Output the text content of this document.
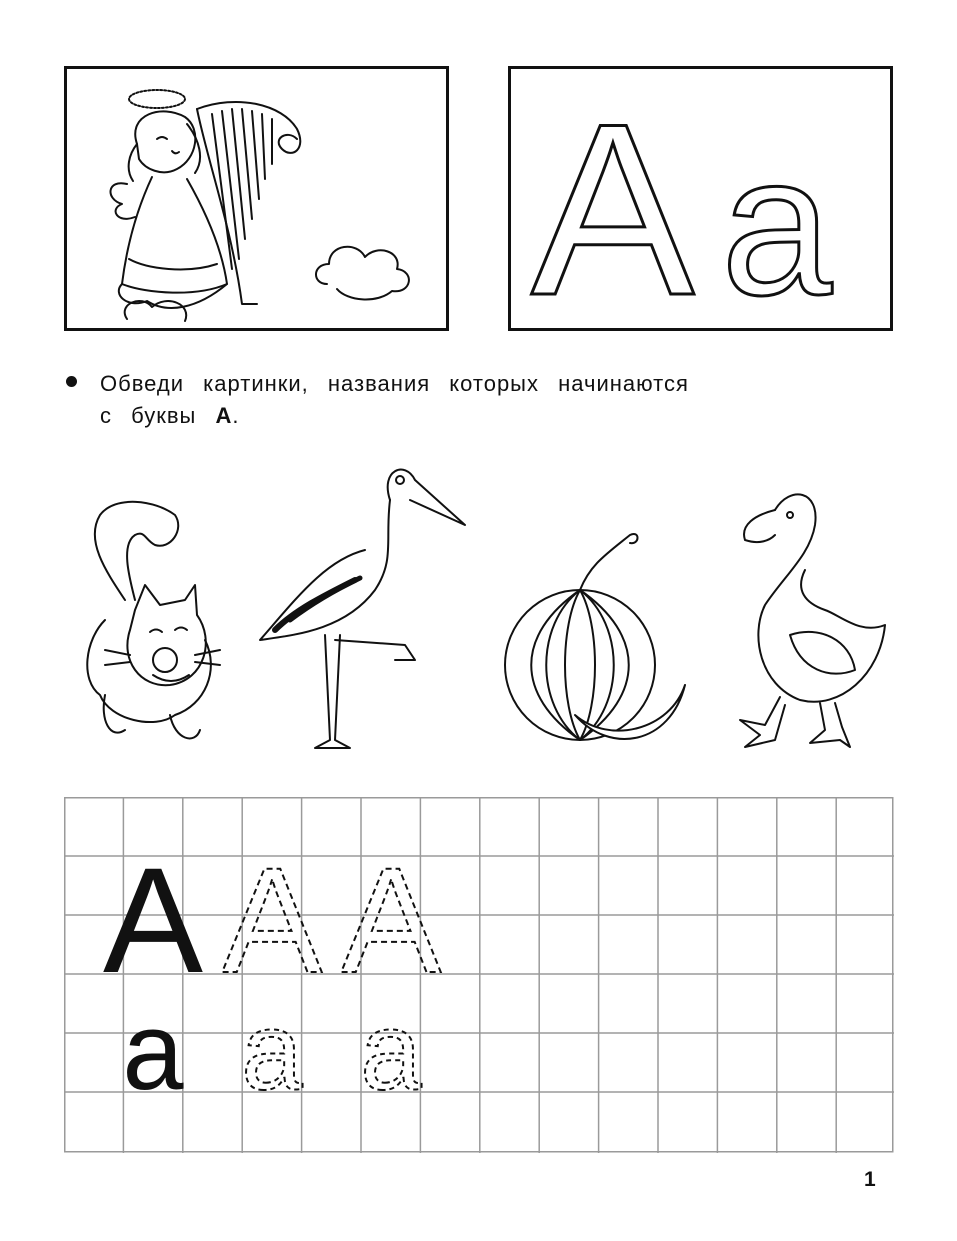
A a
Обведи картинки, названия которых начинаются
с буквы А.
A A A
a a a
1
